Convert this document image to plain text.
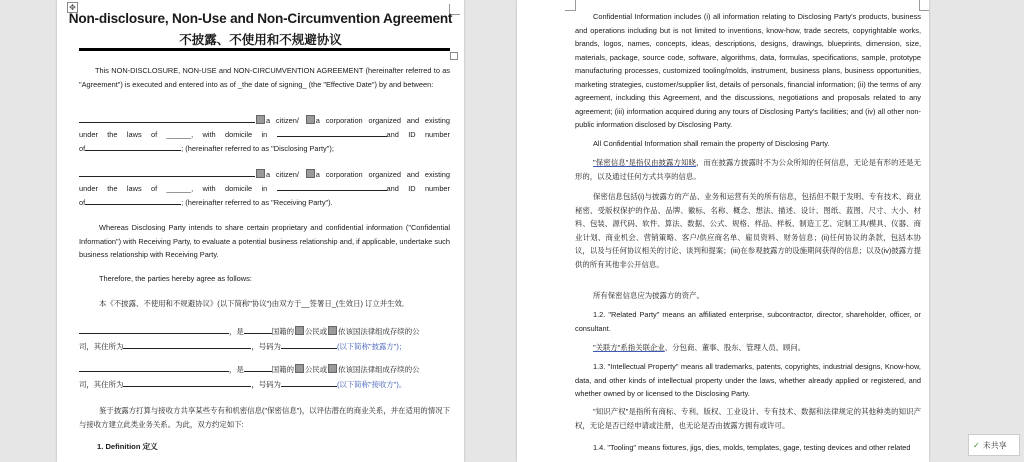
✥
Non-disclosure, Non-Use and Non-Circumvention Agreement
不披露、不使用和不规避协议

This NON-DISCLOSURE, NON-USE and NON-CIRCUMVENTION AGREEMENT (hereinafter referred to as "Agreement") is executed and entered into as of _the date of signing_ (the "Effective Date") by and between:

a citizen/ a corporation organized and existing
under the laws of ______, with domicile in	and ID number
of	; (hereinafter referred to as "Disclosing Party");
a citizen/ a corporation organized and existing
under the laws of ______, with domicile in	and ID number
of	; (hereinafter referred to as "Receiving Party").

Whereas Disclosing Party intends to share certain proprietary and confidential information ("Confidential Information") with Receiving Party, to evaluate a potential business relationship and, if applicable, undertake such business relationship with Receiving Party.

Therefore, the parties hereby agree as follows:

本《不披露、不使用和不规避协议》(以下简称"协议")由双方于__签署日_(生效日) 订立并生效,

，是	国籍的 公民或 依该国法律组成存续的公
司，其住所为	，号码为	(以下简称"披露方")；
，是	国籍的 公民或 依该国法律组成存续的公
司，其住所为	，号码为	(以下简称"接收方")。

鉴于披露方打算与接收方共享某些专有和机密信息("保密信息")，以评估潜在的商业关系，并在适用的情况下与接收方建立此类业务关系。为此，双方约定如下:

1. Definition 定义

Confidential Information includes (i) all information relating to Disclosing Party's products, business and operations including but is not limited to inventions, know-how, trade secrets, copyrightable works, brands, logos, names, concepts, ideas, descriptions, designs, drawings, blueprints, dimension, size, materials, package, source code, software, algorithms, data, formulas, specifications, sample, prototype manufacturing processes, customized tooling/molds, instrument, business plans, business opportunities, marketing strategies, customer/supplier list, details of personals, financial information; (ii) the terms of any agreement, including this Agreement, and the discussions, negotiations and proposals related to any agreement; (iii) information acquired during any tours of Disclosing Party's facilities; and (iv) all other non-public information disclosed by Disclosing Party.

All Confidential Information shall remain the property of Disclosing Party.

"保密信息"是指仅由披露方知晓，而在披露方披露时不为公众所知的任何信息，无论是有形的还是无形的，以及通过任何方式共享的信息。

保密信息包括(i)与披露方的产品、业务和运营有关的所有信息，包括但不限于发明、专有技术、商业秘密、受版权保护的作品、品牌、徽标、名称、概念、想法、描述、设计、图纸、蓝图、尺寸、大小、材料、包装、源代码、软件、算法、数据、公式、规格、样品、样板、制造工艺、定制工具/模具、仪器、商业计划、商业机会、营销策略、客户/供应商名单、雇员资料、财务信息；(ii)任何协议的条款，包括本协议，以及与任何协议相关的讨论、谈判和提案；(iii)在参观披露方的设施期间获得的信息；以及(iv)披露方提供的所有其他非公开信息。

所有保密信息应为披露方的资产。

1.2. "Related Party" means an affiliated enterprise, subcontractor, director, shareholder, officer, or consultant.

"关联方"系指关联企业、分包商、董事、股东、管理人员、顾问。

1.3. "Intellectual Property" means all trademarks, patents, copyrights, industrial designs, Know-how, data, and other kinds of intellectual property under the laws, whether already applied or registered, and whether owned by or licensed to the Disclosing Party.

"知识产权"是指所有商标、专利、版权、工业设计、专有技术、数据和法律规定的其他种类的知识产权，无论是否已经申请或注册，也无论是否由披露方拥有或许可。

1.4. "Tooling" means fixtures, jigs, dies, molds, templates, gage, testing devices and other related	✓ 未共享
